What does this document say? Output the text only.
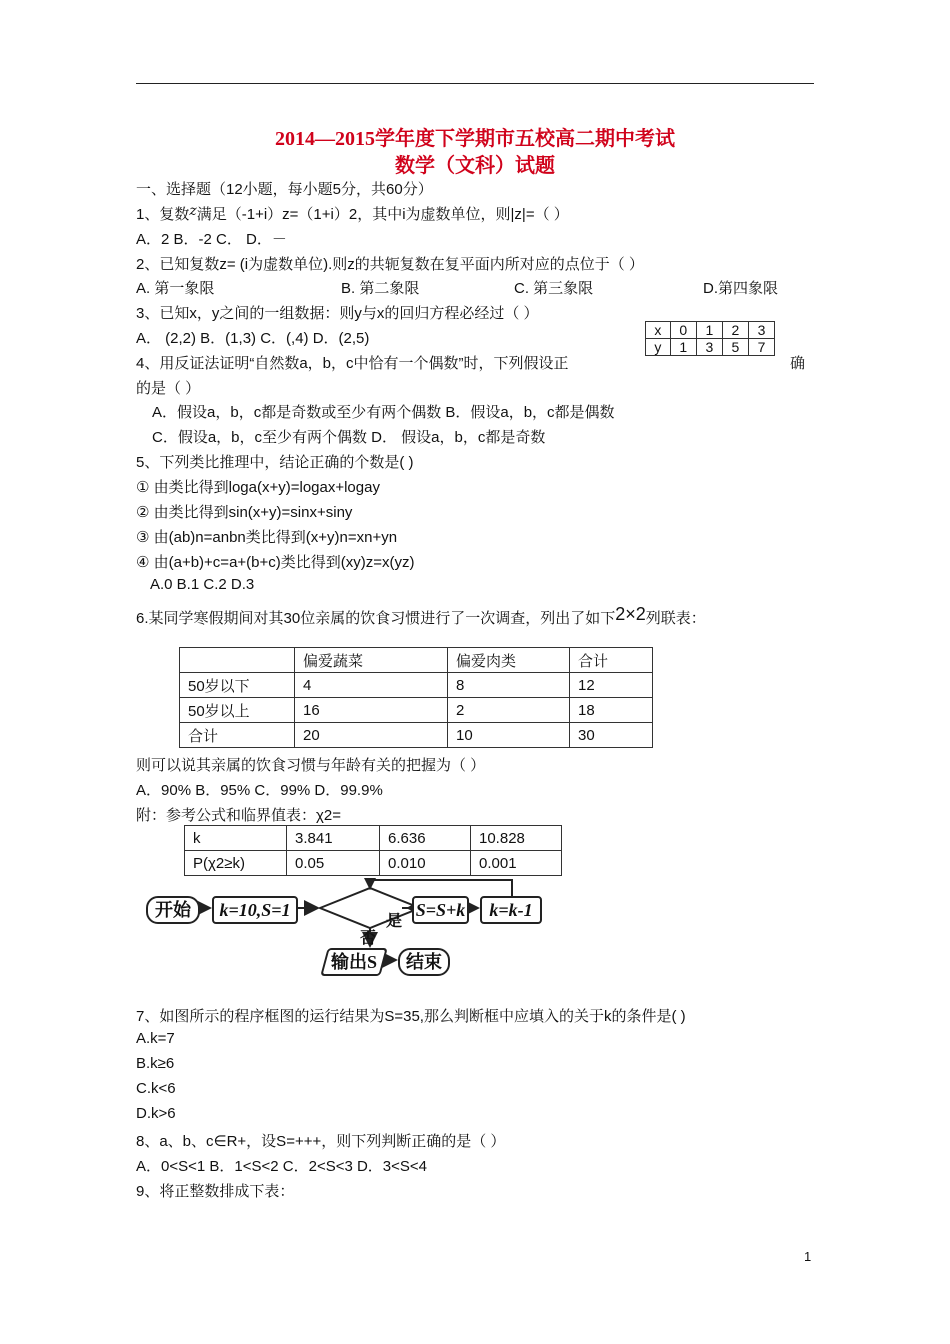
2014—2015学年度下学期市五校高二期中考试
数学（文科）试题
一、选择题（12小题，每小题5分，共60分）
1、复数z满足（-1+i）z=（1+i）2，其中i为虚数单位，则|z|=（ ）
A．2 B．-2 C． D．－
2、已知复数z= (i为虚数单位).则z的共轭复数在复平面内所对应的点位于（ ）
A. 第一象限	B. 第二象限	C. 第三象限	D.第四象限
3、已知x，y之间的一组数据：则y与x的回归方程必经过（ ）
A． (2,2) B．(1,3) C．(,4) D．(2,5)	x	0	1	2	3
y	1	3	5	7
4、用反证法证明“自然数a，b，c中恰有一个偶数”时，下列假设正	确
的是（ ）
A．假设a，b，c都是奇数或至少有两个偶数 B．假设a，b，c都是偶数
C．假设a，b，c至少有两个偶数 D． 假设a，b，c都是奇数
5、下列类比推理中，结论正确的个数是( )
① 由类比得到loga(x+y)=logax+logay
② 由类比得到sin(x+y)=sinx+siny
③ 由(ab)n=anbn类比得到(x+y)n=xn+yn
④ 由(a+b)+c=a+(b+c)类比得到(xy)z=x(yz)
A.0 B.1 C.2 D.3
6.某同学寒假期间对其30位亲属的饮食习惯进行了一次调查，列出了如下2×2列联表：
	偏爱蔬菜	偏爱肉类	合计
50岁以下	4	8	12
50岁以上	16	2	18
合计	20	10	30
则可以说其亲属的饮食习惯与年龄有关的把握为（ ）
A．90% B．95% C．99% D．99.9%
附：参考公式和临界值表：χ2=
k	3.841	6.636	10.828
P(χ2≥k)	0.05	0.010	0.001
开始	k=10,S=1	S=S+k	k=k-1
是
否
输出S	结束
7、如图所示的程序框图的运行结果为S=35,那么判断框中应填入的关于k的条件是( )
A.k=7
B.k≥6
C.k<6
D.k>6
8、a、b、c∈R+，设S=+++，则下列判断正确的是（ ）
A．0<S<1 B．1<S<2 C．2<S<3 D．3<S<4
9、将正整数排成下表：
1
